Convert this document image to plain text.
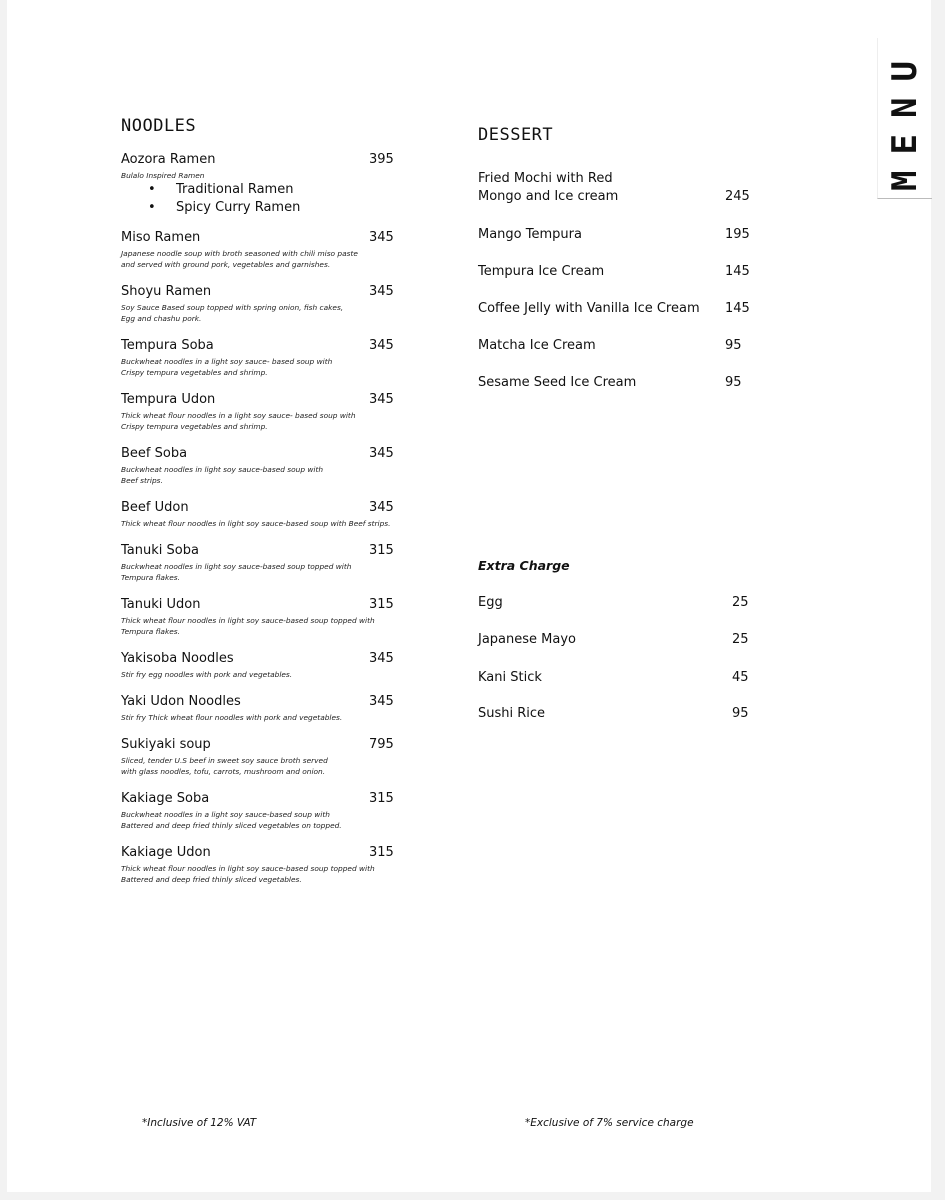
MENU
NOODLES
Aozora Ramen	395
Bulalo Inspired Ramen
• Traditional Ramen
• Spicy Curry Ramen
Miso Ramen	345
Japanese noodle soup with broth seasoned with chili miso paste and served with ground pork, vegetables and garnishes.
Shoyu Ramen	345
Soy Sauce Based soup topped with spring onion, fish cakes, Egg and chashu pork.
Tempura Soba	345
Buckwheat noodles in a light soy sauce- based soup with Crispy tempura vegetables and shrimp.
Tempura Udon	345
Thick wheat flour noodles in a light soy sauce- based soup with Crispy tempura vegetables and shrimp.
Beef Soba	345
Buckwheat noodles in light soy sauce-based soup with Beef strips.
Beef Udon	345
Thick wheat flour noodles in light soy sauce-based soup with Beef strips.
Tanuki Soba	315
Buckwheat noodles in light soy sauce-based soup topped with Tempura flakes.
Tanuki Udon	315
Thick wheat flour noodles in light soy sauce-based soup topped with Tempura flakes.
Yakisoba Noodles	345
Stir fry egg noodles with pork and vegetables.
Yaki Udon Noodles	345
Stir fry Thick wheat flour noodles with pork and vegetables.
Sukiyaki soup	795
Sliced, tender U.S beef in sweet soy sauce broth served with glass noodles, tofu, carrots, mushroom and onion.
Kakiage Soba	315
Buckwheat noodles in a light soy sauce-based soup with Battered and deep fried thinly sliced vegetables on topped.
Kakiage Udon	315
Thick wheat flour noodles in light soy sauce-based soup topped with Battered and deep fried thinly sliced vegetables.
DESSERT
Fried Mochi with Red
Mongo and Ice cream	245
Mango Tempura	195
Tempura Ice Cream	145
Coffee Jelly with Vanilla Ice Cream 145
Matcha Ice Cream	95
Sesame Seed Ice Cream	95
Extra Charge
Egg	25
Japanese Mayo	25
Kani Stick	45
Sushi Rice	95
*Inclusive of 12% VAT	*Exclusive of 7% service charge
